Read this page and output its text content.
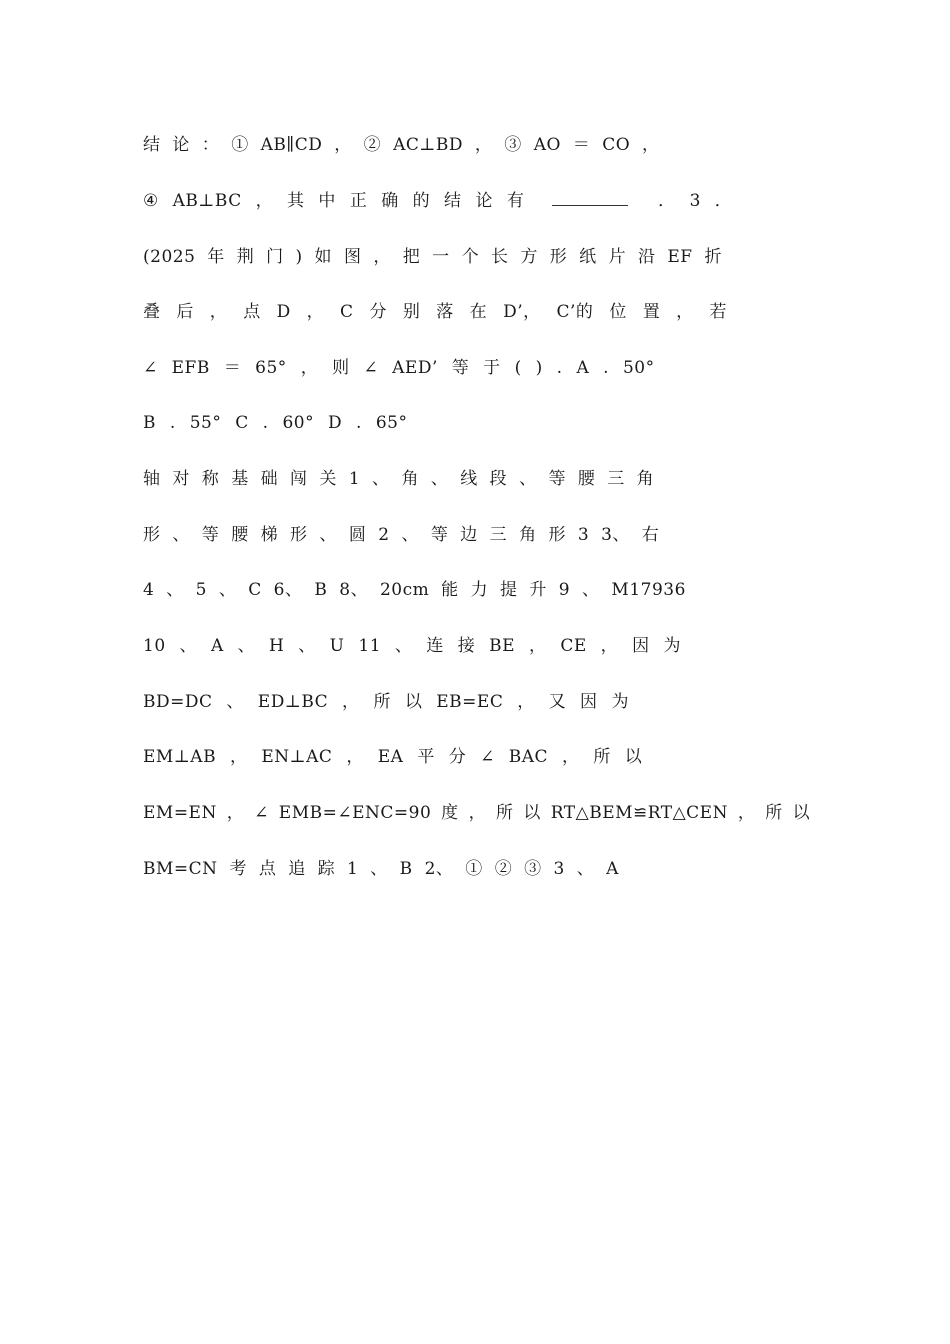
结 论 ： ① AB∥CD ， ② AC⊥BD ， ③ AO ＝ CO ，
④ AB⊥BC ， 其 中 正 确 的 结 论 有	． 3 ．
(2025 年 荆 门 ) 如 图 ， 把 一 个 长 方 形 纸 片 沿 EF 折
叠 后 ， 点 D ， C 分 别 落 在 D’， C’的 位 置 ， 若
∠ EFB ＝ 65° ， 则 ∠ AED’ 等 于 ( ) . A . 50°
B . 55° C . 60° D . 65°
轴 对 称 基 础 闯 关 1 、 角 、 线 段 、 等 腰 三 角
形 、 等 腰 梯 形 、 圆 2 、 等 边 三 角 形 3 3、 右
4 、 5 、 C 6、 B 8、 20cm 能 力 提 升 9 、 M17936
10 、 A 、 H 、 U 11 、 连 接 BE ， CE ， 因 为
BD=DC 、 ED⊥BC ， 所 以 EB=EC ， 又 因 为
EM⊥AB ， EN⊥AC ， EA 平 分 ∠ BAC ， 所 以
EM=EN ， ∠ EMB=∠ENC=90 度 ， 所 以 RT△BEM≌RT△CEN ， 所 以
BM=CN 考 点 追 踪 1 、 B 2、 ① ② ③ 3 、 A
